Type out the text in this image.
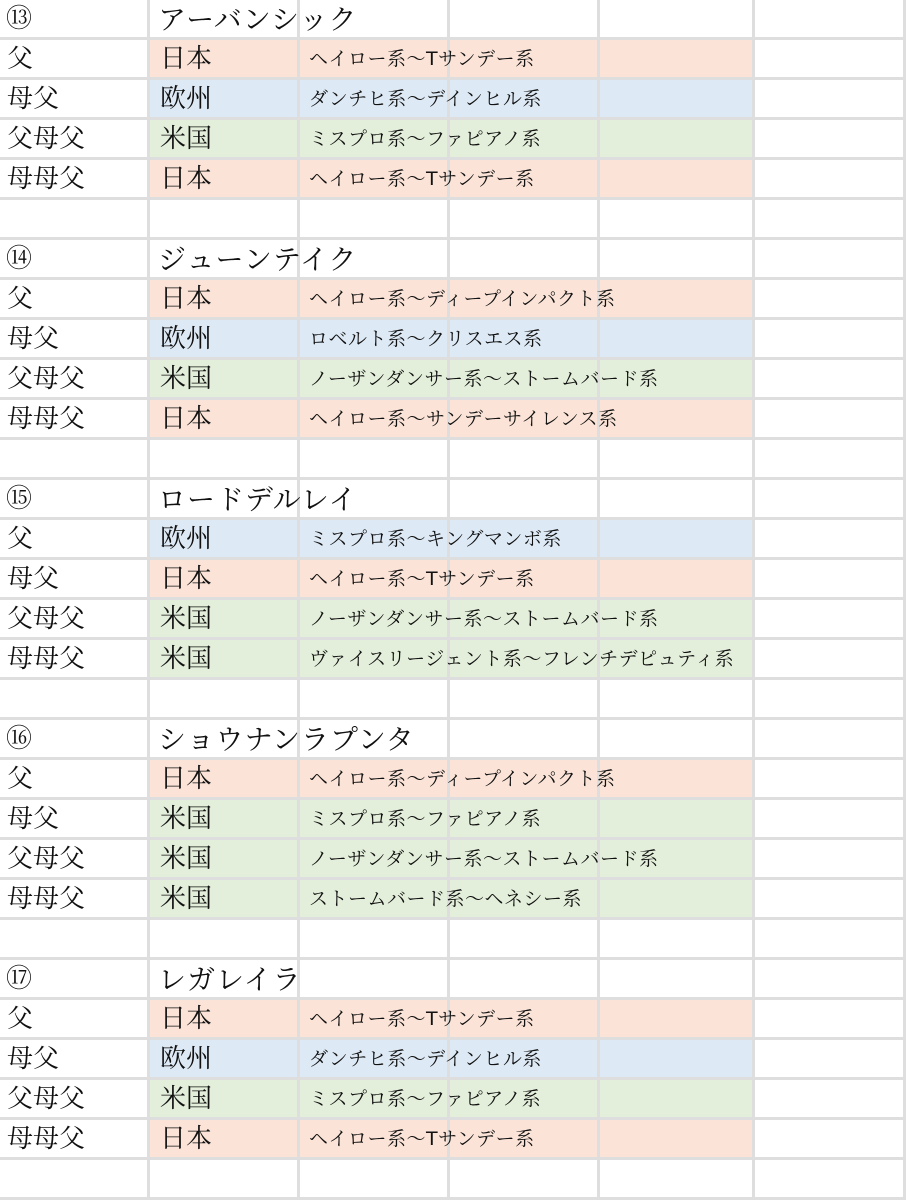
⑬	アーバンシック
父	日本	ヘイロー系〜Tサンデー系
母父	欧州	ダンチヒ系〜デインヒル系
父母父	米国	ミスプロ系〜ファピアノ系
母母父	日本	ヘイロー系〜Tサンデー系
⑭	ジューンテイク
父	日本	ヘイロー系〜ディープインパクト系
母父	欧州	ロベルト系〜クリスエス系
父母父	米国	ノーザンダンサー系〜ストームバード系
母母父	日本	ヘイロー系〜サンデーサイレンス系
⑮	ロードデルレイ
父	欧州	ミスプロ系〜キングマンボ系
母父	日本	ヘイロー系〜Tサンデー系
父母父	米国	ノーザンダンサー系〜ストームバード系
母母父	米国	ヴァイスリージェント系〜フレンチデピュティ系
⑯	ショウナンラプンタ
父	日本	ヘイロー系〜ディープインパクト系
母父	米国	ミスプロ系〜ファピアノ系
父母父	米国	ノーザンダンサー系〜ストームバード系
母母父	米国	ストームバード系〜ヘネシー系
⑰	レガレイラ
父	日本	ヘイロー系〜Tサンデー系
母父	欧州	ダンチヒ系〜デインヒル系
父母父	米国	ミスプロ系〜ファピアノ系
母母父	日本	ヘイロー系〜Tサンデー系
